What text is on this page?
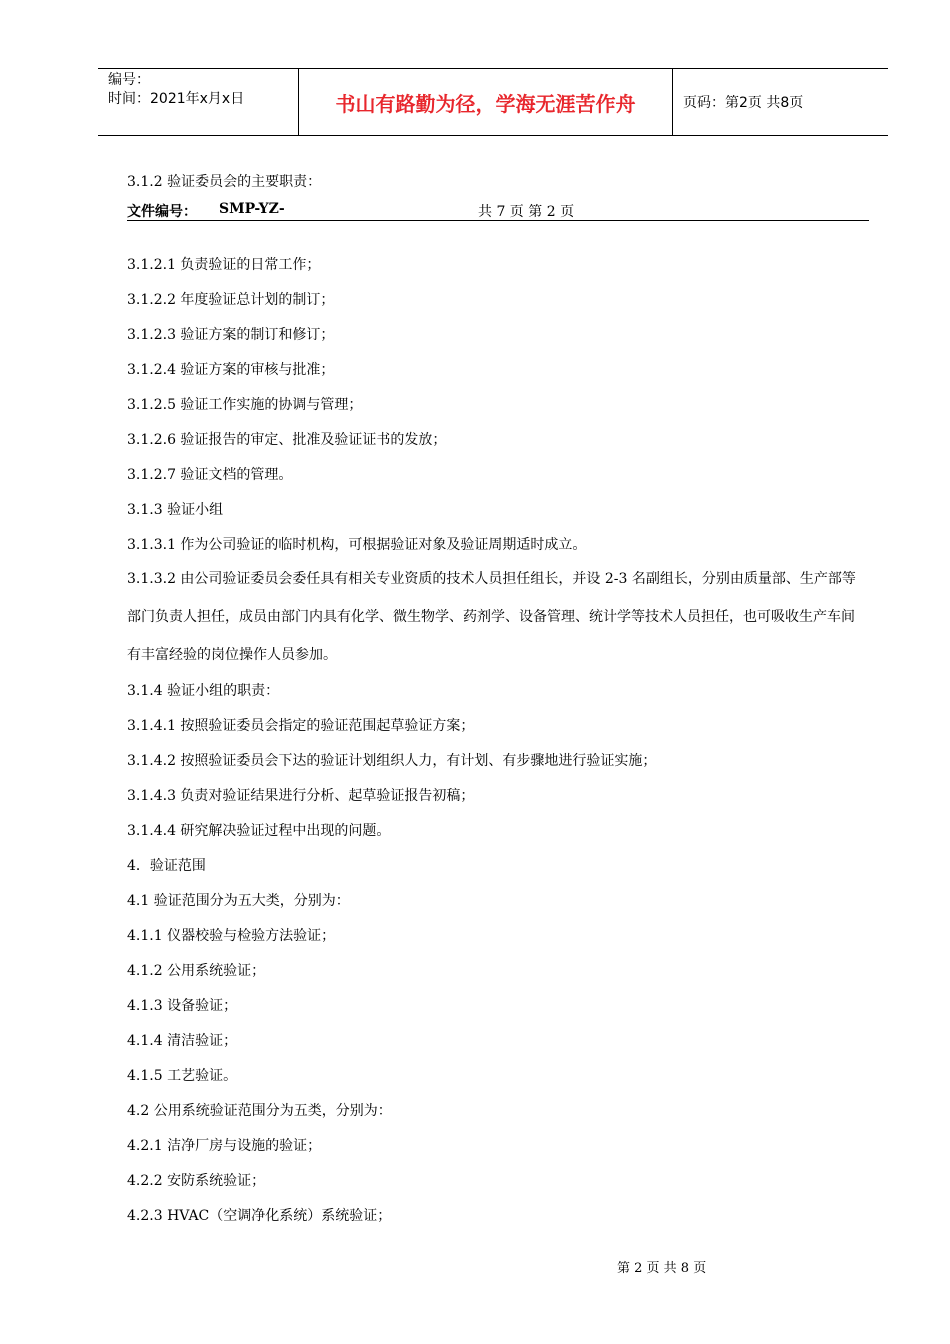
编号：
时间：2021年x月x日	书山有路勤为径，学海无涯苦作舟	页码：第2页 共8页
3.1.2 验证委员会的主要职责：
文件编号： SMP-YZ-	共 7 页 第 2 页
3.1.2.1 负责验证的日常工作；
3.1.2.2 年度验证总计划的制订；
3.1.2.3 验证方案的制订和修订；
3.1.2.4 验证方案的审核与批准；
3.1.2.5 验证工作实施的协调与管理；
3.1.2.6 验证报告的审定、批准及验证证书的发放；
3.1.2.7 验证文档的管理。
3.1.3 验证小组
3.1.3.1 作为公司验证的临时机构，可根据验证对象及验证周期适时成立。
3.1.3.2 由公司验证委员会委任具有相关专业资质的技术人员担任组长，并设 2-3 名副组长，分别由质量部、生产部等部门负责人担任，成员由部门内具有化学、微生物学、药剂学、设备管理、统计学等技术人员担任，也可吸收生产车间有丰富经验的岗位操作人员参加。
3.1.4 验证小组的职责：
3.1.4.1 按照验证委员会指定的验证范围起草验证方案；
3.1.4.2 按照验证委员会下达的验证计划组织人力，有计划、有步骤地进行验证实施；
3.1.4.3 负责对验证结果进行分析、起草验证报告初稿；
3.1.4.4 研究解决验证过程中出现的问题。
4．验证范围
4.1 验证范围分为五大类，分别为：
4.1.1 仪器校验与检验方法验证；
4.1.2 公用系统验证；
4.1.3 设备验证；
4.1.4 清洁验证；
4.1.5 工艺验证。
4.2 公用系统验证范围分为五类，分别为：
4.2.1 洁净厂房与设施的验证；
4.2.2 安防系统验证；
4.2.3 HVAC（空调净化系统）系统验证；
第 2 页 共 8 页
